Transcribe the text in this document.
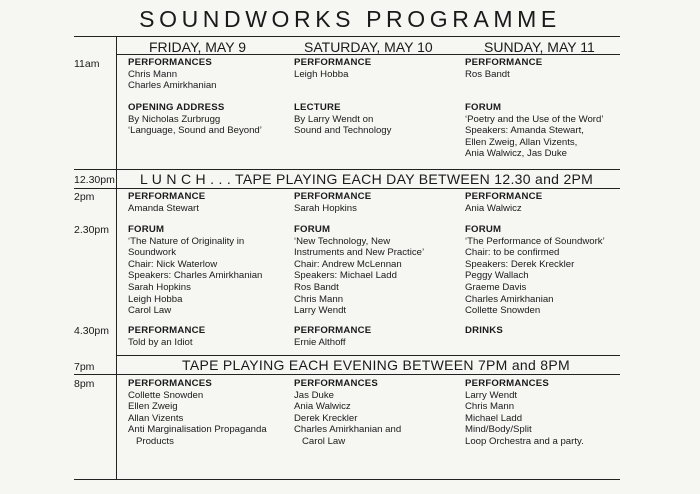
SOUNDWORKS PROGRAMME
FRIDAY, MAY 9	SATURDAY, MAY 10	SUNDAY, MAY 11
11am
12.30pm
2pm
2.30pm
4.30pm
7pm
8pm
L U N C H . . . TAPE PLAYING EACH DAY BETWEEN 12.30 and 2PM
TAPE PLAYING EACH EVENING BETWEEN 7PM and 8PM
PERFORMANCES
Chris Mann
Charles Amirkhanian
PERFORMANCE
Leigh Hobba
PERFORMANCE
Ros Bandt
OPENING ADDRESS
By Nicholas Zurbrugg
‘Language, Sound and Beyond’
LECTURE
By Larry Wendt on
Sound and Technology
FORUM
‘Poetry and the Use of the Word’
Speakers: Amanda Stewart,
Ellen Zweig, Allan Vizents,
Ania Walwicz, Jas Duke
PERFORMANCE
Amanda Stewart
PERFORMANCE
Sarah Hopkins
PERFORMANCE
Ania Walwicz
FORUM
‘The Nature of Originality in
Soundwork
Chair: Nick Waterlow
Speakers: Charles Amirkhanian
Sarah Hopkins
Leigh Hobba
Carol Law
FORUM
‘New Technology, New
Instruments and New Practice’
Chair: Andrew McLennan
Speakers: Michael Ladd
Ros Bandt
Chris Mann
Larry Wendt
FORUM
‘The Performance of Soundwork’
Chair: to be confirmed
Speakers: Derek Kreckler
Peggy Wallach
Graeme Davis
Charles Amirkhanian
Collette Snowden
PERFORMANCE
Told by an Idiot
PERFORMANCE
Ernie Althoff
DRINKS
PERFORMANCES
Collette Snowden
Ellen Zweig
Allan Vizents
Anti Marginalisation Propaganda
Products
PERFORMANCES
Jas Duke
Ania Walwicz
Derek Kreckler
Charles Amirkhanian and
Carol Law
PERFORMANCES
Larry Wendt
Chris Mann
Michael Ladd
Mind/Body/Split
Loop Orchestra and a party.
